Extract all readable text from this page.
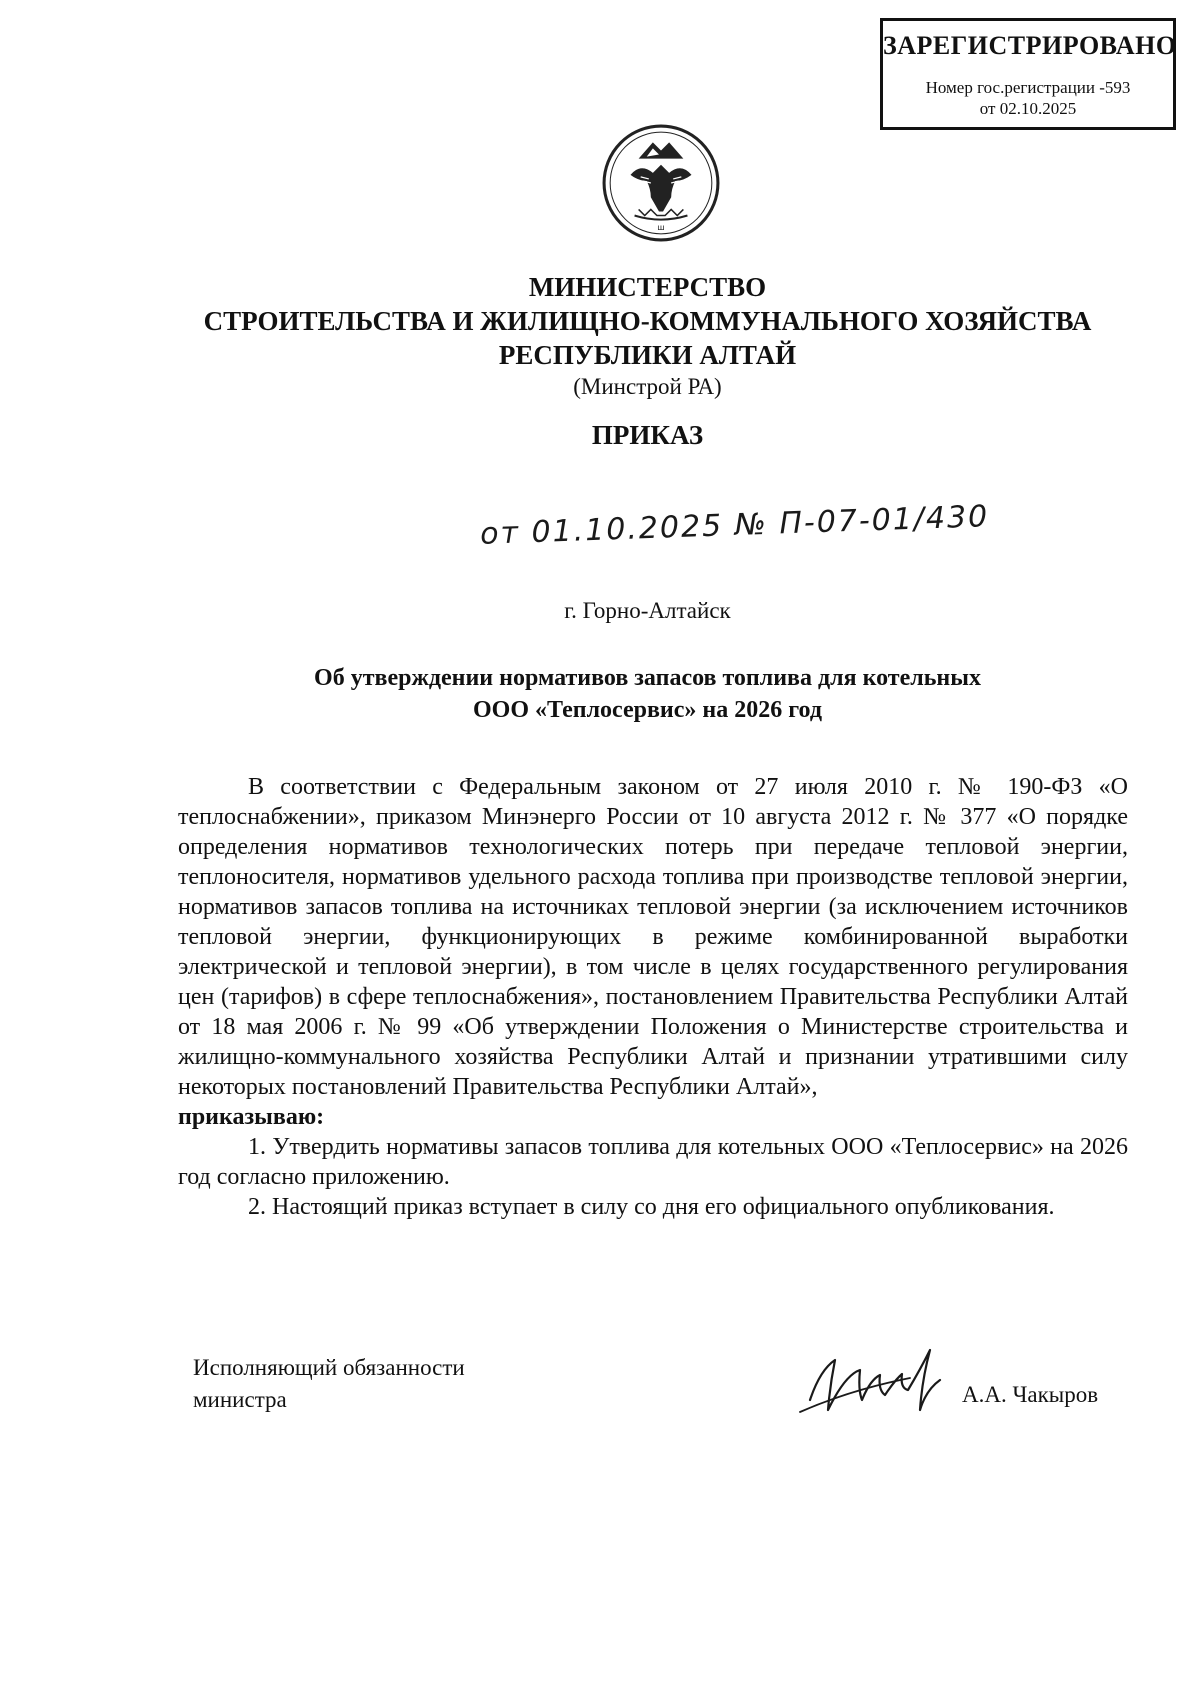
ЗАРЕГИСТРИРОВАНО
Номер гос.регистрации -593
от 02.10.2025
ш
МИНИСТЕРСТВО
СТРОИТЕЛЬСТВА И ЖИЛИЩНО-КОММУНАЛЬНОГО ХОЗЯЙСТВА
РЕСПУБЛИКИ АЛТАЙ
(Минстрой РА)
ПРИКАЗ
от 01.10.2025 № П-07-01/430
г. Горно-Алтайск
Об утверждении нормативов запасов топлива для котельных
ООО «Теплосервис» на 2026 год

В соответствии с Федеральным законом от 27 июля 2010 г. № 190-ФЗ «О теплоснабжении», приказом Минэнерго России от 10 августа 2012 г. № 377 «О порядке определения нормативов технологических потерь при передаче тепловой энергии, теплоносителя, нормативов удельного расхода топлива при производстве тепловой энергии, нормативов запасов топлива на источниках тепловой энергии (за исключением источников тепловой энергии, функционирующих в режиме комбинированной выработки электрической и тепловой энергии), в том числе в целях государственного регулирования цен (тарифов) в сфере теплоснабжения», постановлением Правительства Республики Алтай от 18 мая 2006 г. № 99 «Об утверждении Положения о Министерстве строительства и жилищно-коммунального хозяйства Республики Алтай и признании утратившими силу некоторых постановлений Правительства Республики Алтай»,

приказываю:

1. Утвердить нормативы запасов топлива для котельных ООО «Теплосервис» на 2026 год согласно приложению.

2. Настоящий приказ вступает в силу со дня его официального опубликования.

Исполняющий обязанности
министра	А.А. Чакыров
